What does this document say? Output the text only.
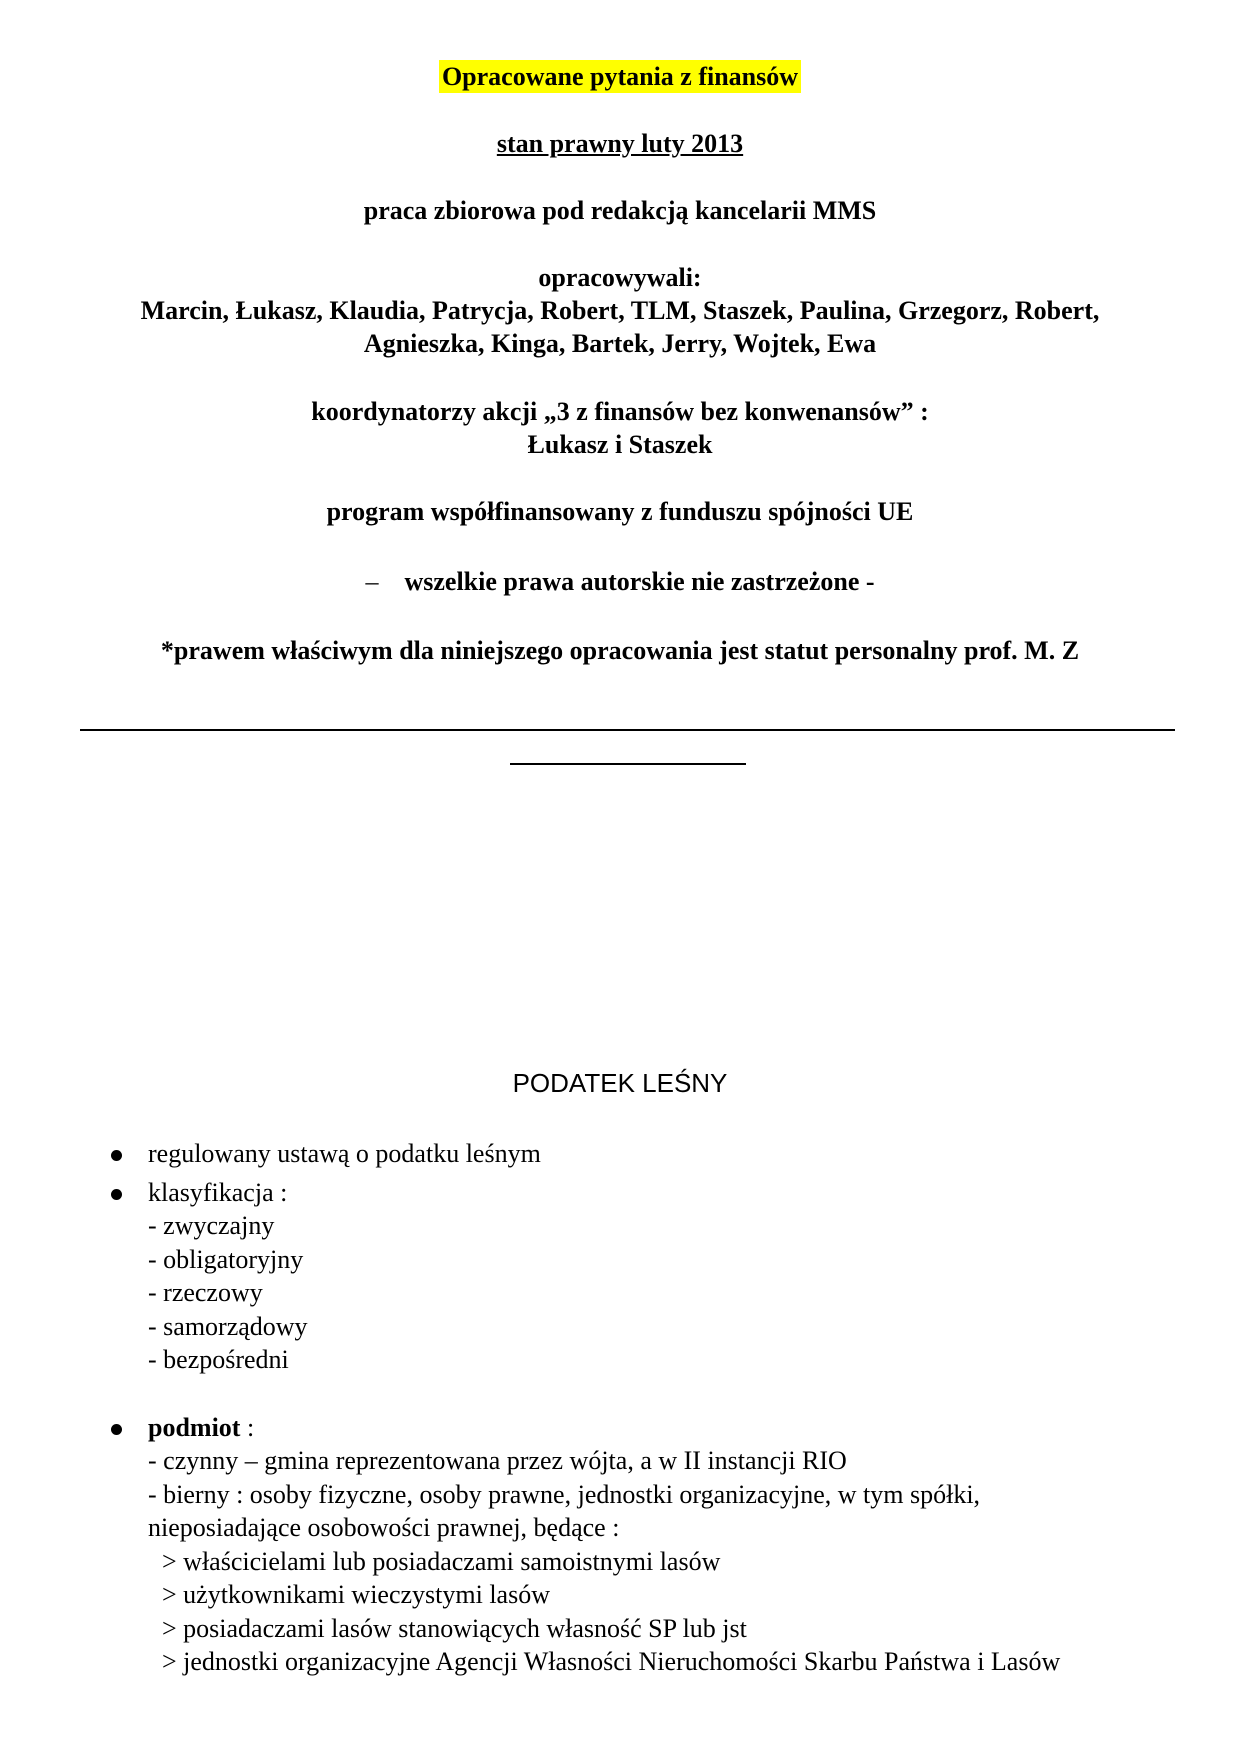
Opracowane pytania z finansów
stan prawny luty 2013
praca zbiorowa pod redakcją kancelarii MMS
opracowywali:
Marcin, Łukasz, Klaudia, Patrycja, Robert, TLM, Staszek, Paulina, Grzegorz, Robert,
Agnieszka, Kinga, Bartek, Jerry, Wojtek, Ewa
koordynatorzy akcji „3 z finansów bez konwenansów” :
Łukasz i Staszek
program współfinansowany z funduszu spójności UE
– wszelkie prawa autorskie nie zastrzeżone -
*prawem właściwym dla niniejszego opracowania jest statut personalny prof. M. Z
PODATEK LEŚNY
regulowany ustawą o podatku leśnym
klasyfikacja :
- zwyczajny
- obligatoryjny
- rzeczowy
- samorządowy
- bezpośredni
podmiot :
- czynny – gmina reprezentowana przez wójta, a w II instancji RIO
- bierny : osoby fizyczne, osoby prawne, jednostki organizacyjne, w tym spółki,
nieposiadające osobowości prawnej, będące :
> właścicielami lub posiadaczami samoistnymi lasów
> użytkownikami wieczystymi lasów
> posiadaczami lasów stanowiących własność SP lub jst
> jednostki organizacyjne Agencji Własności Nieruchomości Skarbu Państwa i Lasów
